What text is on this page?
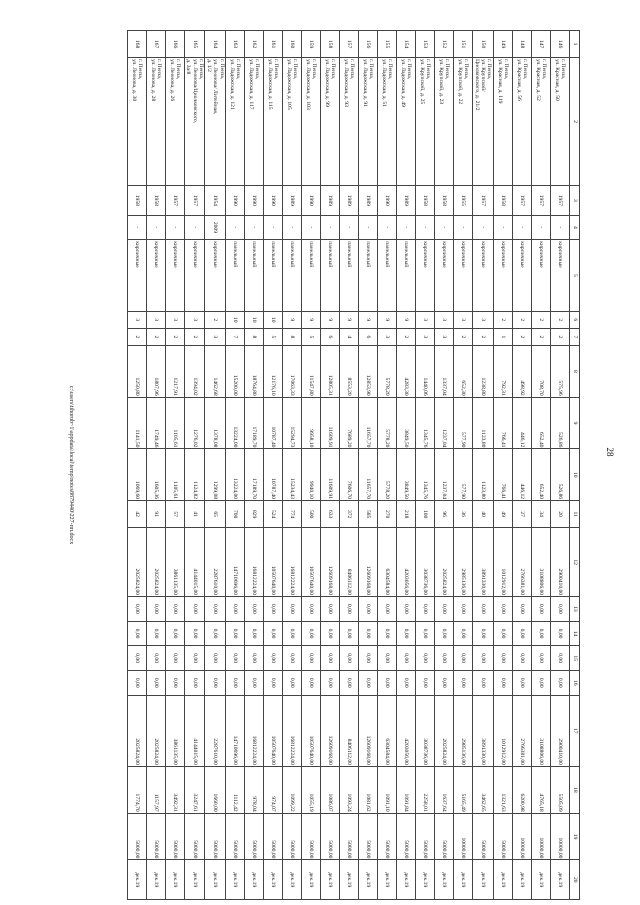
28
1	2	3	4	5	6	7	8	9	10	11	12	13	14	15	16	17	18	19	20
146	г. Пенза,
ул. Красная, д. 50	1957	-	кирпичные	2	2	575,96	526,86	526,86	20	2900410,00	0,00	0,00	0,00	0,00	2900410,00	5505,09	10000,00	дек.19
147	г. Пенза,
ул. Красная, д. 52	1957	-	кирпичные	2	2	708,70	652,40	652,40	34	3108806,00	0,00	0,00	0,00	0,00	3108806,00	4765,18	10000,00	дек.19
148	г. Пенза,
ул. Красная, д. 56	1957	-	кирпичные	2	2	498,92	446,12	446,12	27	2766381,00	0,00	0,00	0,00	0,00	2766381,00	6200,98	10000,00	дек.19
149	г. Пенза,
ул. Красная, д. 119	1958	-	кирпичные	2	1	792,31	766,41	766,41	49	1012912,00	0,00	0,00	0,00	0,00	1012912,00	1321,63	5000,00	дек.19
150	г. Пенза,
ул. Крупской/
Циолковского, д. 21/2	1957	-	кирпичные	3	2	1238,80	1123,80	1123,80	40	3891330,00	0,00	0,00	0,00	0,00	3891330,00	3462,65	5000,00	дек.19
151	г. Пенза,
ул. Крупской, д. 22	1955	-	кирпичные	3	2	652,30	577,90	577,90	36	2985136,00	0,00	0,00	0,00	0,00	2985136,00	5165,49	10000,00	дек.19
152	г. Пенза,
ул. Крупской, д. 23	1958	-	кирпичные	3	3	1337,04	1237,04	1237,04	96	2025824,00	0,00	0,00	0,00	0,00	2025824,00	1637,64	5000,00	дек.19
153	г. Пенза,
ул. Крупской, д. 25	1958	-	кирпичные	3	3	1440,06	1345,76	1345,76	100	3038736,00	0,00	0,00	0,00	0,00	3038736,00	2258,01	5000,00	дек.19
154	г. Пенза,
ул. Ладожская, д. 49	1989	-	панельный	9	2	4283,30	3849,50	3849,50	218	4203056,00	0,00	0,00	0,00	0,00	4203056,00	1091,84	5000,00	дек.19
155	г. Пенза,
ул. Ладожская, д. 51	1990	-	панельный	9	3	5778,20	5778,20	5778,20	270	6304584,00	0,00	0,00	0,00	0,00	6304584,00	1091,10	5000,00	дек.19
156	г. Пенза,
ул. Ладожская, д. 91	1989	-	панельный	9	6	12853,90	11657,70	11657,70	585	12609168,00	0,00	0,00	0,00	0,00	12609168,00	1081,62	5000,00	дек.19
157	г. Пенза,
ул. Ладожская, д. 93	1989	-	панельный	9	4	8553,20	7689,20	7606,70	372	8406112,00	0,00	0,00	0,00	0,00	8406112,00	1093,24	5000,00	дек.19
158	г. Пенза,
ул. Ладожская, д. 99	1989	-	панельный	9	6	12805,31	11609,91	11609,91	633	12609168,00	0,00	0,00	0,00	0,00	12609168,00	1086,07	5000,00	дек.19
159	г. Пенза,
ул. Ладожская, д. 103	1990	-	панельный	9	5	11547,80	9958,10	9940,10	500	10507640,00	0,00	0,00	0,00	0,00	10507640,00	1055,19	5000,00	дек.19
160	г. Пенза,
ул. Ладожская, д. 105	1989	-	панельный	9	8	17063,33	15294,73	15234,43	774	16812224,00	0,00	0,00	0,00	0,00	16812224,00	1099,22	5000,00	дек.19
161	г. Пенза,
ул. Ладожская, д. 115	1990	-	панельный	10	5	12176,10	10787,40	10787,40	524	10507640,00	0,00	0,00	0,00	0,00	10507640,00	974,07	5000,00	дек.19
162	г. Пенза,
ул. Ладожская, д. 117	1990	-	панельный	10	8	18764,80	17189,70	17189,70	829	16812224,00	0,00	0,00	0,00	0,00	16812224,00	978,04	5000,00	дек.19
163	г. Пенза,
ул. Ладожская, д. 121	1990	-	панельный	10	7	15200,00	13224,00	13224,00	700	14710696,00	0,00	0,00	0,00	0,00	14710696,00	1112,42	5000,00	дек.19
164	г. Пенза,
ул. Леонова/ Литейная,
д. 1/2	1954	2009	кирпичные	2	3	1462,68	1378,08	1299,08	65	2287610,00	0,00	0,00	0,00	0,00	2287610,00	1660,00	5000,00	дек.19
165	г. Пенза,
ул. Леонова/Циолковского,
д. 3а/8	1957	-	кирпичные	3	2	1394,02	1276,02	1124,82	41	4144015,00	0,00	0,00	0,00	0,00	4144015,00	3247,61	5000,00	дек.19
166	г. Пенза,
ул. Леонова, д. 26	1957	-	кирпичные	3	2	1217,91	1105,61	1105,61	57	3861135,00	0,00	0,00	0,00	0,00	3861135,00	3492,31	5000,00	дек.19
167	г. Пенза,
ул. Леонова, д. 28	1958	-	кирпичные	3	2	1807,96	1749,46	1605,36	91	2025824,00	0,00	0,00	0,00	0,00	2025824,00	1157,97	5000,00	дек.19
168	г. Пенза,
ул. Леонова, д. 30	1958	-	кирпичные	3	2	1250,80	1141,50	1069,60	42	2025824,00	0,00	0,00	0,00	0,00	2025824,00	1774,70	5000,00	дек.19
c:\users\tihorob~1\appdata\local\temp\notes8879440\227-пп.docx
